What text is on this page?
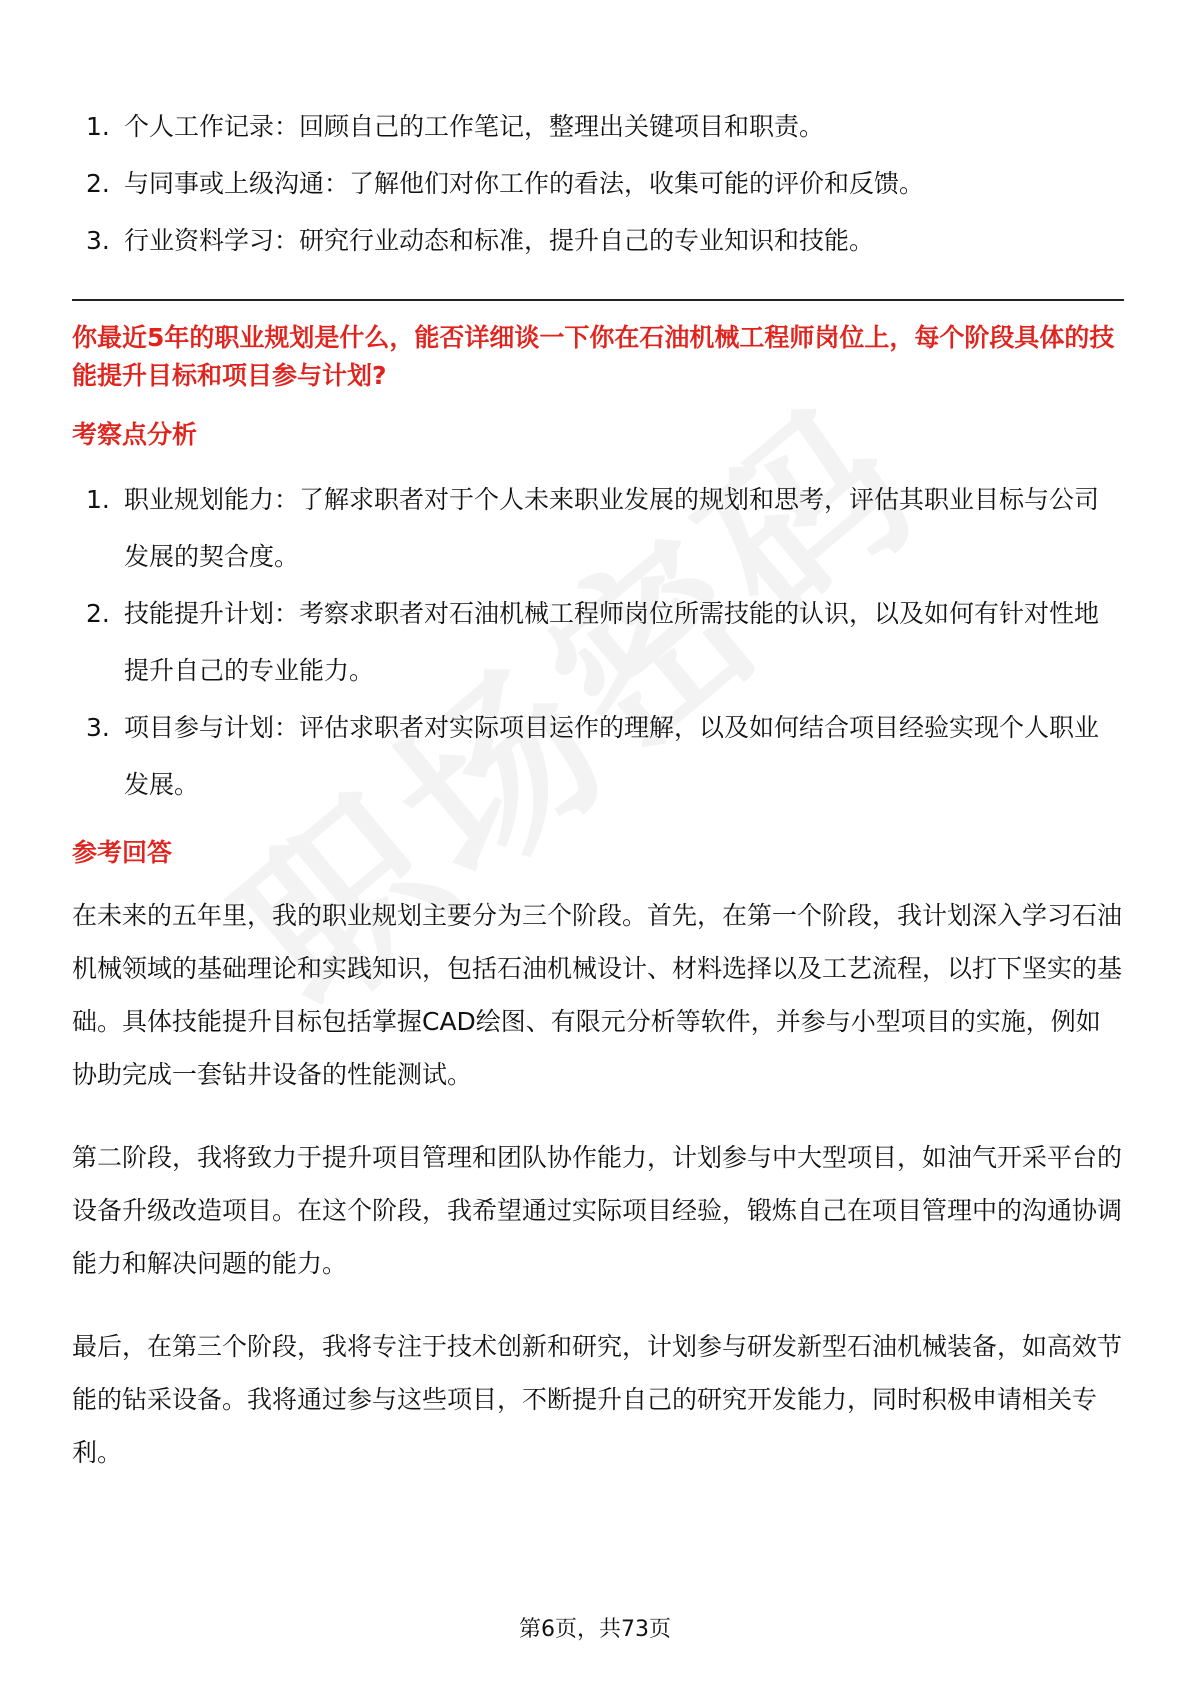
1. 个人工作记录：回顾自己的工作笔记，整理出关键项目和职责。
2. 与同事或上级沟通：了解他们对你工作的看法，收集可能的评价和反馈。
3. 行业资料学习：研究行业动态和标准，提升自己的专业知识和技能。

你最近5年的职业规划是什么，能否详细谈一下你在石油机械工程师岗位上，每个阶段具体的技能提升目标和项目参与计划?

考察点分析
1. 职业规划能力：了解求职者对于个人未来职业发展的规划和思考，评估其职业目标与公司发展的契合度。
2. 技能提升计划：考察求职者对石油机械工程师岗位所需技能的认识，以及如何有针对性地提升自己的专业能力。
3. 项目参与计划：评估求职者对实际项目运作的理解，以及如何结合项目经验实现个人职业发展。
参考回答

在未来的五年里，我的职业规划主要分为三个阶段。首先，在第一个阶段，我计划深入学习石油机械领域的基础理论和实践知识，包括石油机械设计、材料选择以及工艺流程，以打下坚实的基础。具体技能提升目标包括掌握CAD绘图、有限元分析等软件，并参与小型项目的实施，例如协助完成一套钻井设备的性能测试。

第二阶段，我将致力于提升项目管理和团队协作能力，计划参与中大型项目，如油气开采平台的设备升级改造项目。在这个阶段，我希望通过实际项目经验，锻炼自己在项目管理中的沟通协调能力和解决问题的能力。

最后，在第三个阶段，我将专注于技术创新和研究，计划参与研发新型石油机械装备，如高效节能的钻采设备。我将通过参与这些项目，不断提升自己的研究开发能力，同时积极申请相关专利。

第6页，共73页
